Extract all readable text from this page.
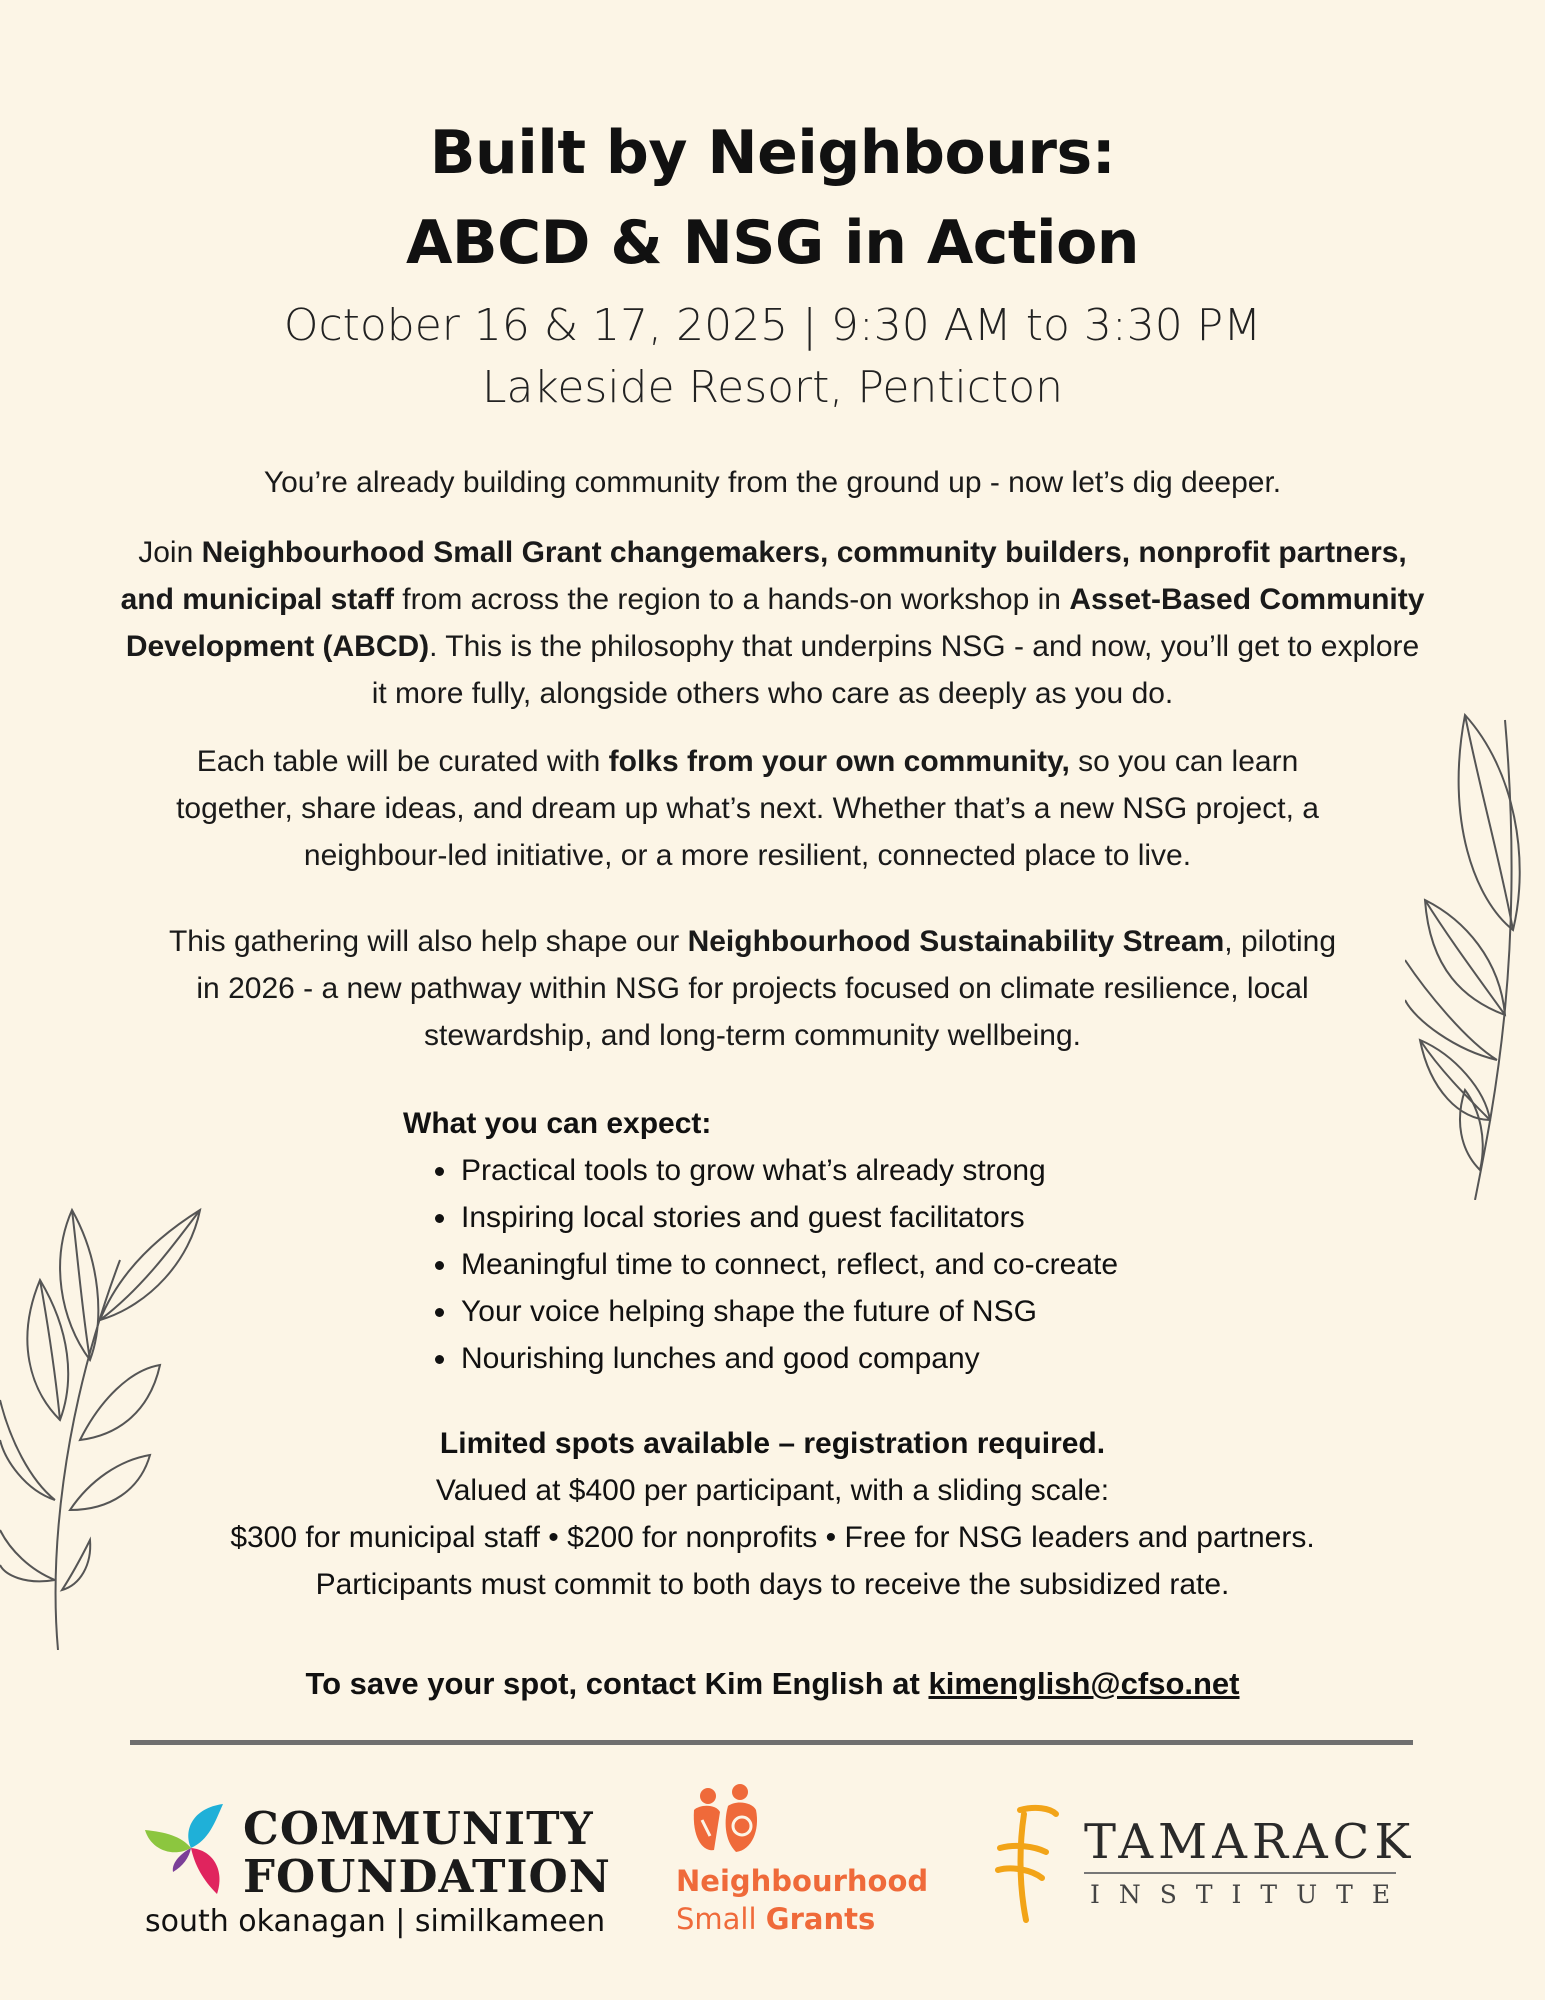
Built by Neighbours:
ABCD & NSG in Action
October 16 & 17, 2025 | 9:30 AM to 3:30 PM
Lakeside Resort, Penticton
You’re already building community from the ground up - now let’s dig deeper.
Join Neighbourhood Small Grant changemakers, community builders, nonprofit partners, and municipal staff from across the region to a hands-on workshop in Asset-Based Community Development (ABCD). This is the philosophy that underpins NSG - and now, you’ll get to explore it more fully, alongside others who care as deeply as you do.
Each table will be curated with folks from your own community, so you can learn together, share ideas, and dream up what’s next. Whether that’s a new NSG project, a neighbour-led initiative, or a more resilient, connected place to live.
This gathering will also help shape our Neighbourhood Sustainability Stream, piloting in 2026 - a new pathway within NSG for projects focused on climate resilience, local stewardship, and long-term community wellbeing.
What you can expect:
• Practical tools to grow what’s already strong
• Inspiring local stories and guest facilitators
• Meaningful time to connect, reflect, and co-create
• Your voice helping shape the future of NSG
• Nourishing lunches and good company
Limited spots available – registration required.
Valued at $400 per participant, with a sliding scale:
$300 for municipal staff • $200 for nonprofits • Free for NSG leaders and partners.
Participants must commit to both days to receive the subsidized rate.
To save your spot, contact Kim English at kimenglish@cfso.net
COMMUNITY
FOUNDATION
south okanagan | similkameen
Neighbourhood
Small Grants
TAMARACK
INSTITUTE
